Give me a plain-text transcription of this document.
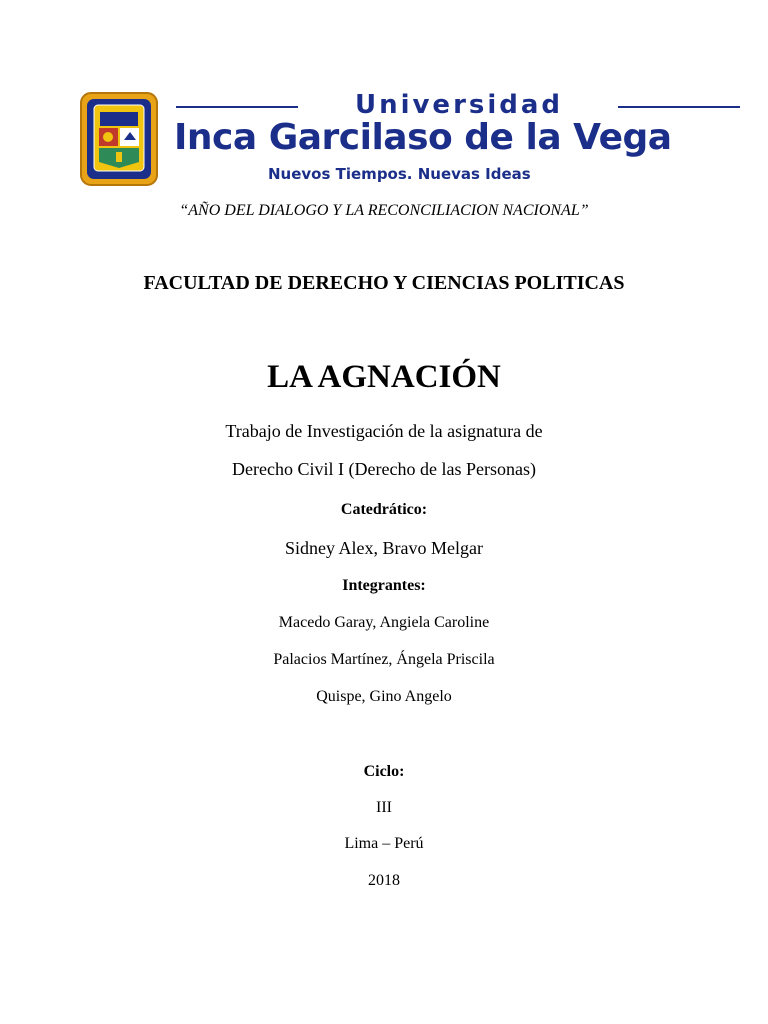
Universidad
Inca Garcilaso de la Vega
Nuevos Tiempos. Nuevas Ideas
“AÑO DEL DIALOGO Y LA RECONCILIACION NACIONAL”
FACULTAD DE DERECHO Y CIENCIAS POLITICAS
LA AGNACIÓN
Trabajo de Investigación de la asignatura de
Derecho Civil I (Derecho de las Personas)
Catedrático:
Sidney Alex, Bravo Melgar
Integrantes:
Macedo Garay, Angiela Caroline
Palacios Martínez, Ángela Priscila
Quispe, Gino Angelo
Ciclo:
III
Lima – Perú
2018
